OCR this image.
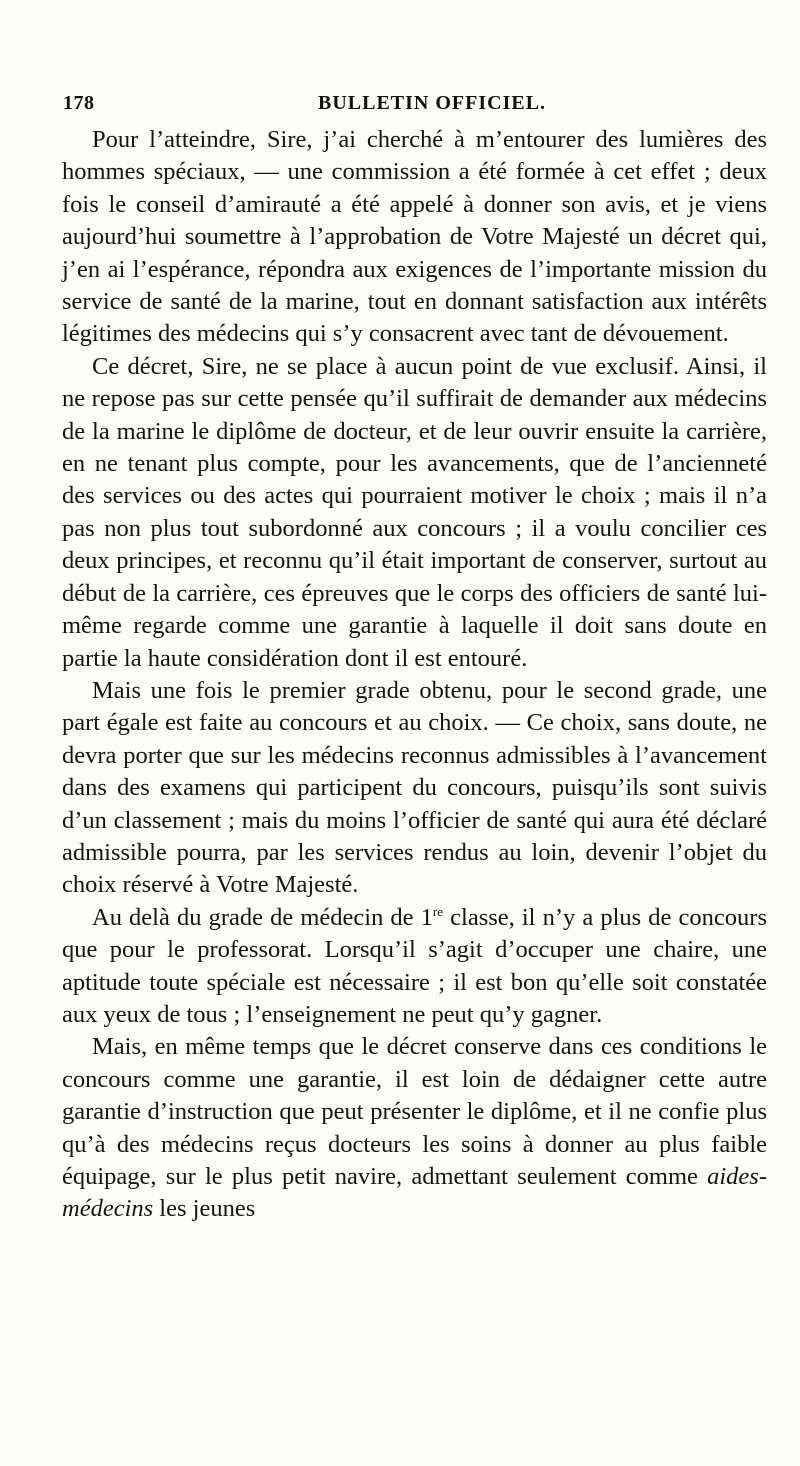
178	BULLETIN OFFICIEL.

Pour l’atteindre, Sire, j’ai cherché à m’entourer des lumières des hommes spéciaux, — une commission a été formée à cet effet ; deux fois le conseil d’amirauté a été appelé à donner son avis, et je viens aujourd’hui soumettre à l’approbation de Votre Majesté un décret qui, j’en ai l’espérance, répondra aux exigences de l’importante mission du service de santé de la marine, tout en donnant satisfaction aux intérêts légitimes des médecins qui s’y consacrent avec tant de dévouement.

Ce décret, Sire, ne se place à aucun point de vue exclusif. Ainsi, il ne repose pas sur cette pensée qu’il suffirait de demander aux médecins de la marine le diplôme de docteur, et de leur ouvrir ensuite la carrière, en ne tenant plus compte, pour les avancements, que de l’ancienneté des services ou des actes qui pourraient motiver le choix ; mais il n’a pas non plus tout subordonné aux concours ; il a voulu concilier ces deux principes, et reconnu qu’il était important de conserver, surtout au début de la carrière, ces épreuves que le corps des officiers de santé lui-même regarde comme une garantie à laquelle il doit sans doute en partie la haute considération dont il est entouré.

Mais une fois le premier grade obtenu, pour le second grade, une part égale est faite au concours et au choix. — Ce choix, sans doute, ne devra porter que sur les médecins reconnus admissibles à l’avancement dans des examens qui participent du concours, puisqu’ils sont suivis d’un classement ; mais du moins l’officier de santé qui aura été déclaré admissible pourra, par les services rendus au loin, devenir l’objet du choix réservé à Votre Majesté.

Au delà du grade de médecin de 1re classe, il n’y a plus de concours que pour le professorat. Lorsqu’il s’agit d’occuper une chaire, une aptitude toute spéciale est nécessaire ; il est bon qu’elle soit constatée aux yeux de tous ; l’enseignement ne peut qu’y gagner.

Mais, en même temps que le décret conserve dans ces conditions le concours comme une garantie, il est loin de dédaigner cette autre garantie d’instruction que peut présenter le diplôme, et il ne confie plus qu’à des médecins reçus docteurs les soins à donner au plus faible équipage, sur le plus petit navire, admettant seulement comme aides-médecins les jeunes
